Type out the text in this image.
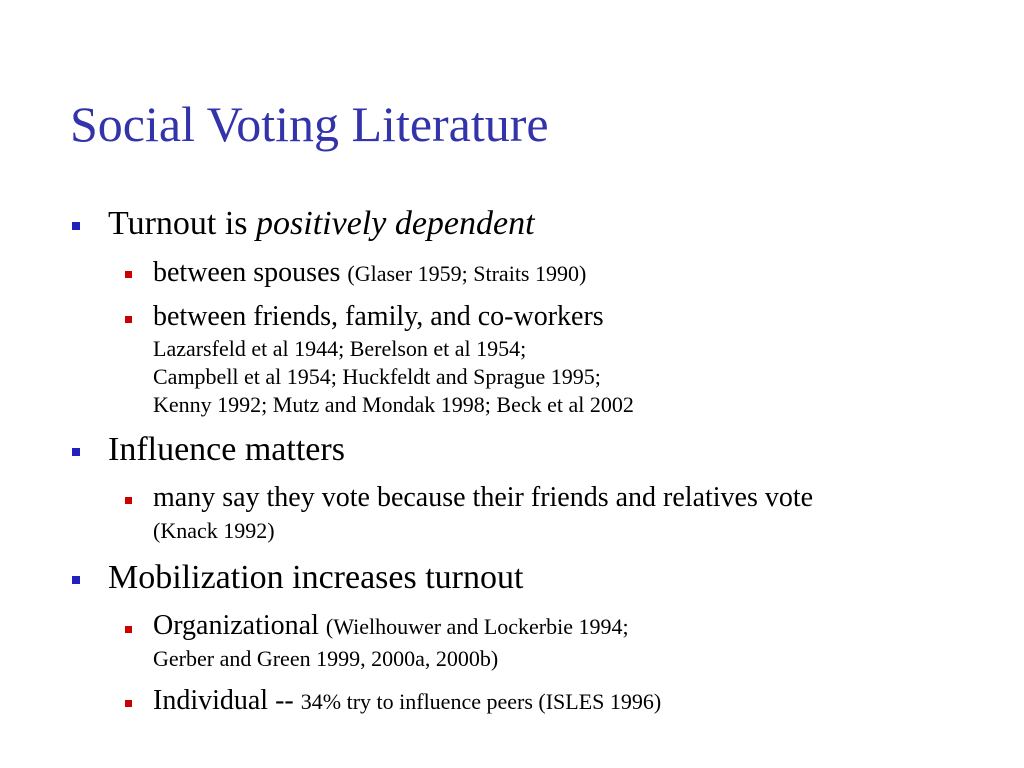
Social Voting Literature
Turnout is positively dependent
between spouses (Glaser 1959; Straits 1990)
between friends, family, and co-workers
Lazarsfeld et al 1944; Berelson et al 1954;
Campbell et al 1954; Huckfeldt and Sprague 1995;
Kenny 1992; Mutz and Mondak 1998; Beck et al 2002
Influence matters
many say they vote because their friends and relatives vote
(Knack 1992)
Mobilization increases turnout
Organizational (Wielhouwer and Lockerbie 1994;
Gerber and Green 1999, 2000a, 2000b)
Individual -- 34% try to influence peers (ISLES 1996)
